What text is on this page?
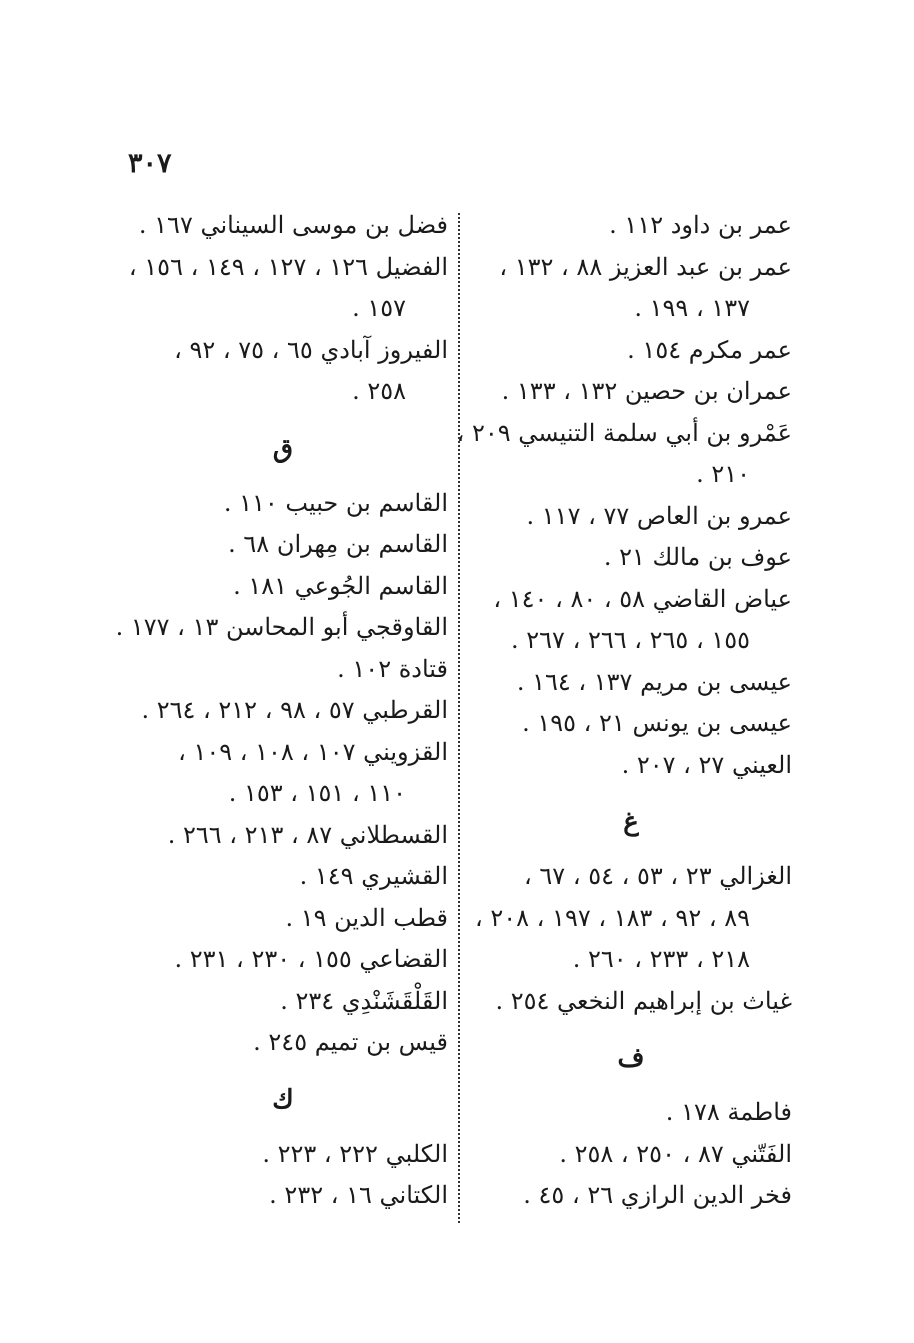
٣٠٧
عمر بن داود ١١٢ .
عمر بن عبد العزيز ٨٨ ، ١٣٢ ،
١٣٧ ، ١٩٩ .
عمر مكرم ١٥٤ .
عمران بن حصين ١٣٢ ، ١٣٣ .
عَمْرو بن أبي سلمة التنيسي ٢٠٩ ،
٢١٠ .
عمرو بن العاص ٧٧ ، ١١٧ .
عوف بن مالك ٢١ .
عياض القاضي ٥٨ ، ٨٠ ، ١٤٠ ،
١٥٥ ، ٢٦٥ ، ٢٦٦ ، ٢٦٧ .
عيسى بن مريم ١٣٧ ، ١٦٤ .
عيسى بن يونس ٢١ ، ١٩٥ .
العيني ٢٧ ، ٢٠٧ .
غ
الغزالي ٢٣ ، ٥٣ ، ٥٤ ، ٦٧ ،
٨٩ ، ٩٢ ، ١٨٣ ، ١٩٧ ، ٢٠٨ ،
٢١٨ ، ٢٣٣ ، ٢٦٠ .
غياث بن إبراهيم النخعي ٢٥٤ .
ف
فاطمة ١٧٨ .
الفَتّني ٨٧ ، ٢٥٠ ، ٢٥٨ .
فخر الدين الرازي ٢٦ ، ٤٥ .
فضل بن موسى السيناني ١٦٧ .
الفضيل ١٢٦ ، ١٢٧ ، ١٤٩ ، ١٥٦ ،
١٥٧ .
الفيروز آبادي ٦٥ ، ٧٥ ، ٩٢ ،
٢٥٨ .
ق
القاسم بن حبيب ١١٠ .
القاسم بن مِهران ٦٨ .
القاسم الجُوعي ١٨١ .
القاوقجي أبو المحاسن ١٣ ، ١٧٧ .
قتادة ١٠٢ .
القرطبي ٥٧ ، ٩٨ ، ٢١٢ ، ٢٦٤ .
القزويني ١٠٧ ، ١٠٨ ، ١٠٩ ،
١١٠ ، ١٥١ ، ١٥٣ .
القسطلاني ٨٧ ، ٢١٣ ، ٢٦٦ .
القشيري ١٤٩ .
قطب الدين ١٩ .
القضاعي ١٥٥ ، ٢٣٠ ، ٢٣١ .
القَلْقَشَنْدِي ٢٣٤ .
قيس بن تميم ٢٤٥ .
ك
الكلبي ٢٢٢ ، ٢٢٣ .
الكتاني ١٦ ، ٢٣٢ .
